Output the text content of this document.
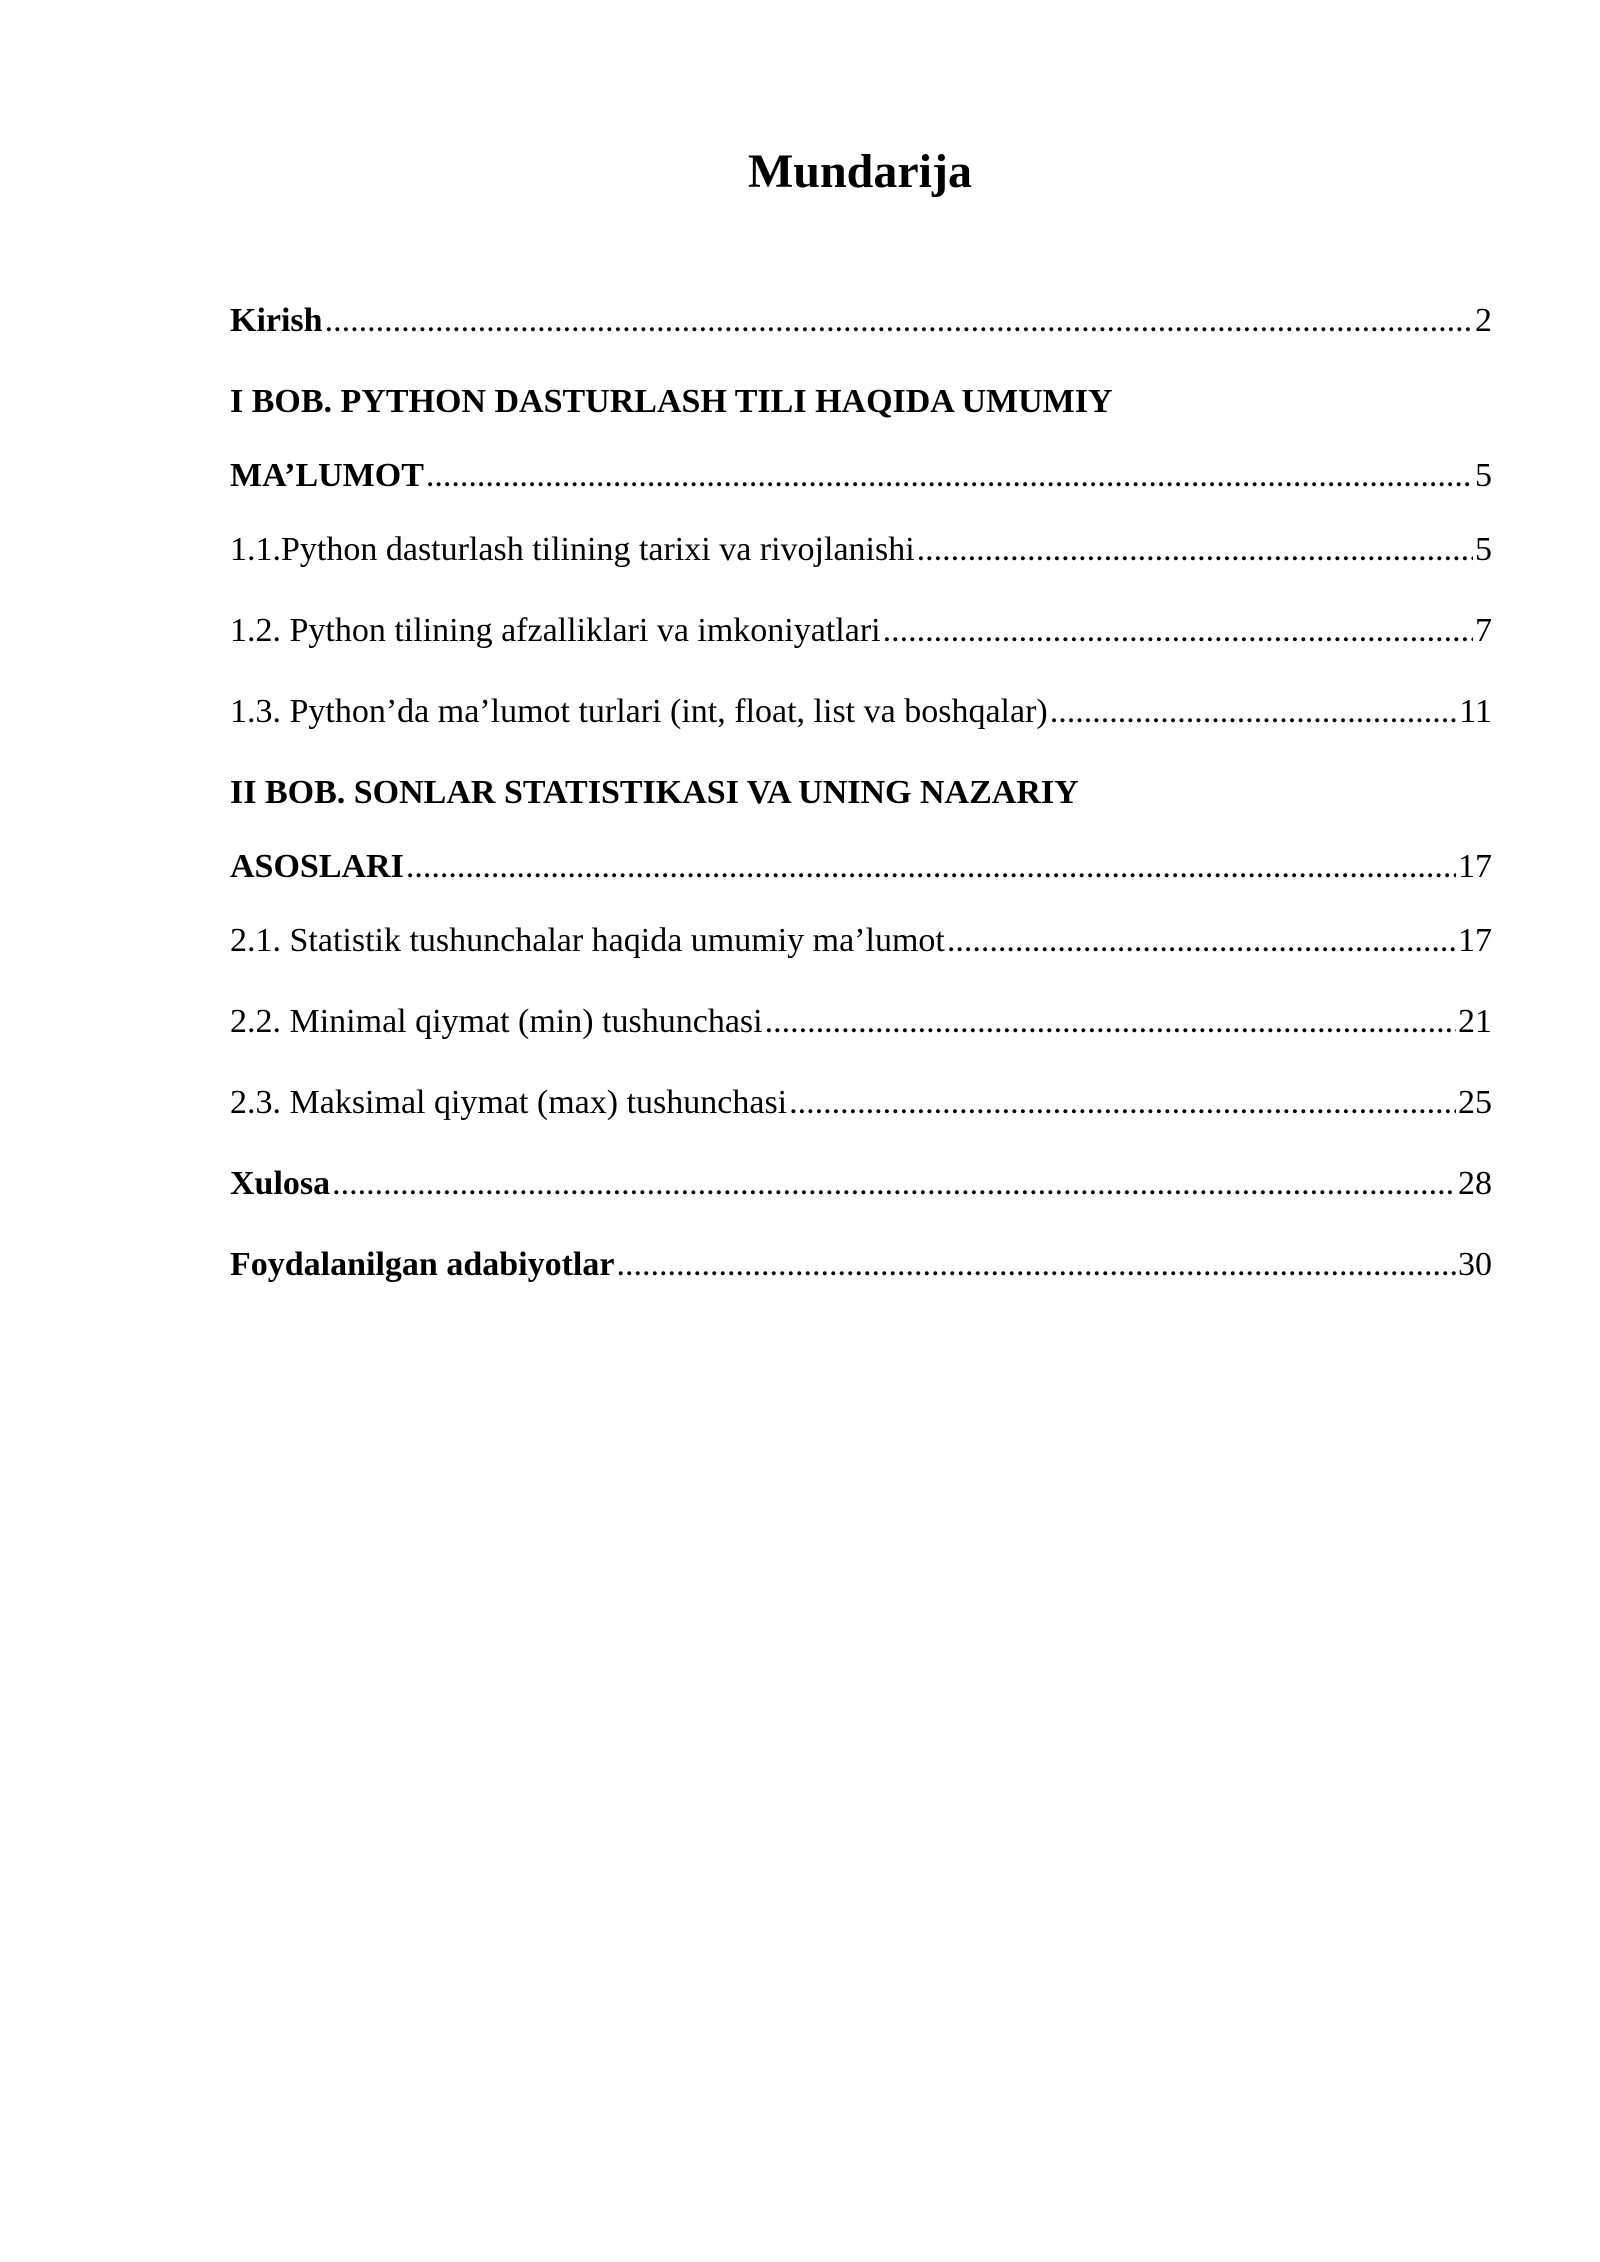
Mundarija
Kirish .....	2
I BOB. PYTHON DASTURLASH TILI HAQIDA UMUMIY
MA’LUMOT .....	5
1.1.Python dasturlash tilining tarixi va rivojlanishi .....	5
1.2. Python tilining afzalliklari va imkoniyatlari .....	7
1.3. Python’da ma’lumot turlari (int, float, list va boshqalar) .....	11
II BOB. SONLAR STATISTIKASI VA UNING NAZARIY
ASOSLARI .....	17
2.1. Statistik tushunchalar haqida umumiy ma’lumot .....	17
2.2. Minimal qiymat (min) tushunchasi .....	21
2.3. Maksimal qiymat (max) tushunchasi .....	25
Xulosa .....	28
Foydalanilgan adabiyotlar .....	30
